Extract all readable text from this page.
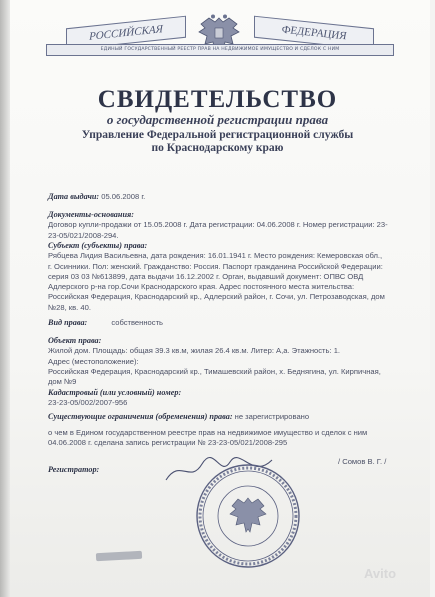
РОССИЙСКАЯ	ФЕДЕРАЦИЯ
ЕДИНЫЙ ГОСУДАРСТВЕННЫЙ РЕЕСТР ПРАВ НА НЕДВИЖИМОЕ ИМУЩЕСТВО И СДЕЛОК С НИМ
СВИДЕТЕЛЬСТВО
о государственной регистрации права
Управление Федеральной регистрационной службы
по Краснодарскому краю
Дата выдачи: 05.06.2008 г.
Документы-основания:
Договор купли-продажи от 15.05.2008 г. Дата регистрации: 04.06.2008 г. Номер регистрации: 23-23-05/021/2008-294.
Субъект (субъекты) права:
Рябцева Лидия Васильевна, дата рождения: 16.01.1941 г. Место рождения: Кемеровская обл., г. Осинники. Пол: женский. Гражданство: Россия. Паспорт гражданина Российской Федерации: серия 03 03 №613899, дата выдачи 16.12.2002 г. Орган, выдавший документ: ОПВС ОВД Адлерского р-на гор.Сочи Краснодарского края. Адрес постоянного места жительства: Российская Федерация, Краснодарский кр., Адлерский район, г. Сочи, ул. Петрозаводская, дом №28, кв. 40.
Вид права:	собственность
Объект права:
Жилой дом. Площадь: общая 39.3 кв.м, жилая 26.4 кв.м. Литер: А,а. Этажность: 1.
Адрес (местоположение):
Российская Федерация, Краснодарский кр., Тимашевский район, х. Беднягина, ул. Кирпичная, дом №9
Кадастровый (или условный) номер:
23-23-05/002/2007-956
Существующие ограничения (обременения) права: не зарегистрировано
о чем в Едином государственном реестре прав на недвижимое имущество и сделок с ним 04.06.2008 г. сделана запись регистрации № 23-23-05/021/2008-295
Регистратор:
/ Сомов В. Г. /
Avito
